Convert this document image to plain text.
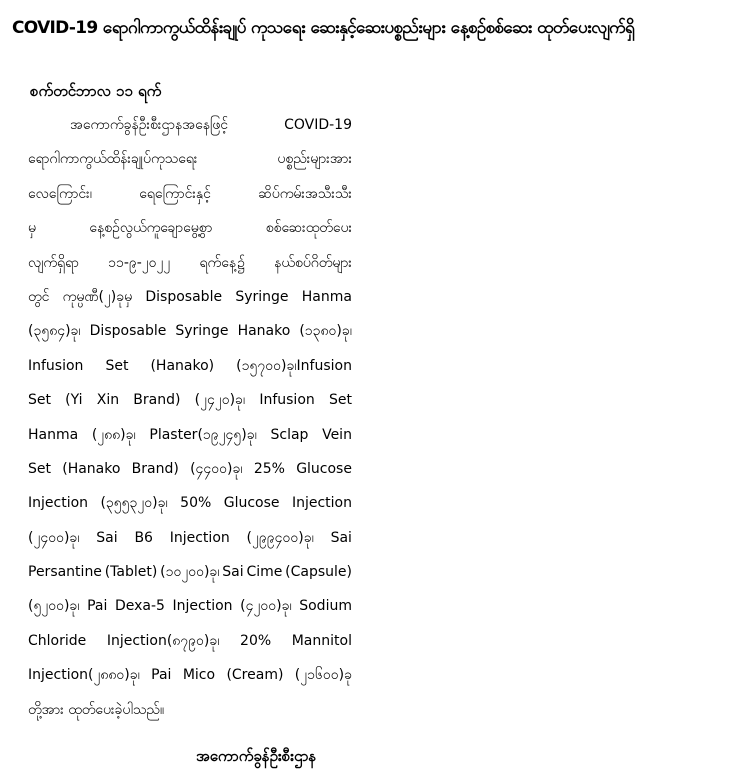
COVID-19 ရောဂါကာကွယ်ထိန်းချုပ် ကုသရေး ဆေးနှင့်ဆေးပစ္စည်းများ နေ့စဉ်စစ်ဆေး ထုတ်ပေးလျက်ရှိ
စက်တင်ဘာလ ၁၁ ရက်
အကောက်ခွန်ဦးစီးဌာနအနေဖြင့်	COVID-19
ရောဂါကာကွယ်ထိန်းချုပ်ကုသရေး	ပစ္စည်းများအား
လေကြောင်း၊	ရေကြောင်းနှင့်	ဆိပ်ကမ်းအသီးသီး
မှ	နေ့စဉ်လွယ်ကူချောမွေ့စွာ	စစ်ဆေးထုတ်ပေး
လျက်ရှိရာ ၁၁-၉-၂၀၂၂ ရက်နေ့၌ နယ်စပ်ဂိတ်များ
တွင် ကုမ္ပဏီ(၂)ခုမှ Disposable Syringe Hanma
(၃၅၈၄)ခု၊ Disposable Syringe Hanako (၁၃၈၀)ခု၊
Infusion Set (Hanako) (၁၅၇၀၀)ခု၊Infusion
Set (Yi Xin Brand) (၂၄၂၀)ခု၊ Infusion Set
Hanma (၂၈၈)ခု၊ Plaster(၁၉၂၄၅)ခု၊ Sclap Vein
Set (Hanako Brand) (၄၄၀၀)ခု၊ 25% Glucose
Injection (၃၅၅၃၂၀)ခု၊ 50% Glucose Injection
(၂၄၀၀)ခု၊ Sai B6 Injection (၂၉၉၄၀၀)ခု၊ Sai
Persantine (Tablet) (၁၀၂၀၀)ခု၊ Sai Cime (Capsule)
(၅၂၀၀)ခု၊ Pai Dexa-5 Injection (၄၂၀၀)ခု၊ Sodium
Chloride Injection(၈၇၉၀)ခု၊ 20% Mannitol
Injection(၂၈၈၀)ခု၊ Pai Mico (Cream) (၂၁၆၀၀)ခု
တို့အား ထုတ်ပေးခဲ့ပါသည်။
အကောက်ခွန်ဦးစီးဌာန
